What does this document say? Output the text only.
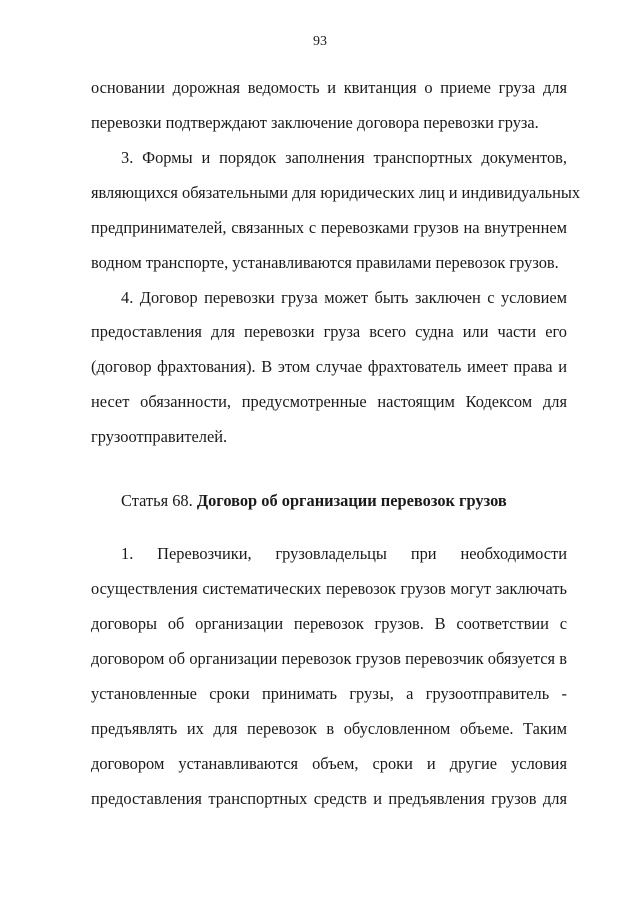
93
основании дорожная ведомость и квитанция о приеме груза для
перевозки подтверждают заключение договора перевозки груза.
3. Формы и порядок заполнения транспортных документов,
являющихся обязательными для юридических лиц и индивидуальных
предпринимателей, связанных с перевозками грузов на внутреннем
водном транспорте, устанавливаются правилами перевозок грузов.
4. Договор перевозки груза может быть заключен с условием
предоставления для перевозки груза всего судна или части его
(договор фрахтования). В этом случае фрахтователь имеет права и
несет обязанности, предусмотренные настоящим Кодексом для
грузоотправителей.
Статья 68. Договор об организации перевозок грузов
1. Перевозчики, грузовладельцы при необходимости
осуществления систематических перевозок грузов могут заключать
договоры об организации перевозок грузов. В соответствии с
договором об организации перевозок грузов перевозчик обязуется в
установленные сроки принимать грузы, а грузоотправитель -
предъявлять их для перевозок в обусловленном объеме. Таким
договором устанавливаются объем, сроки и другие условия
предоставления транспортных средств и предъявления грузов для
